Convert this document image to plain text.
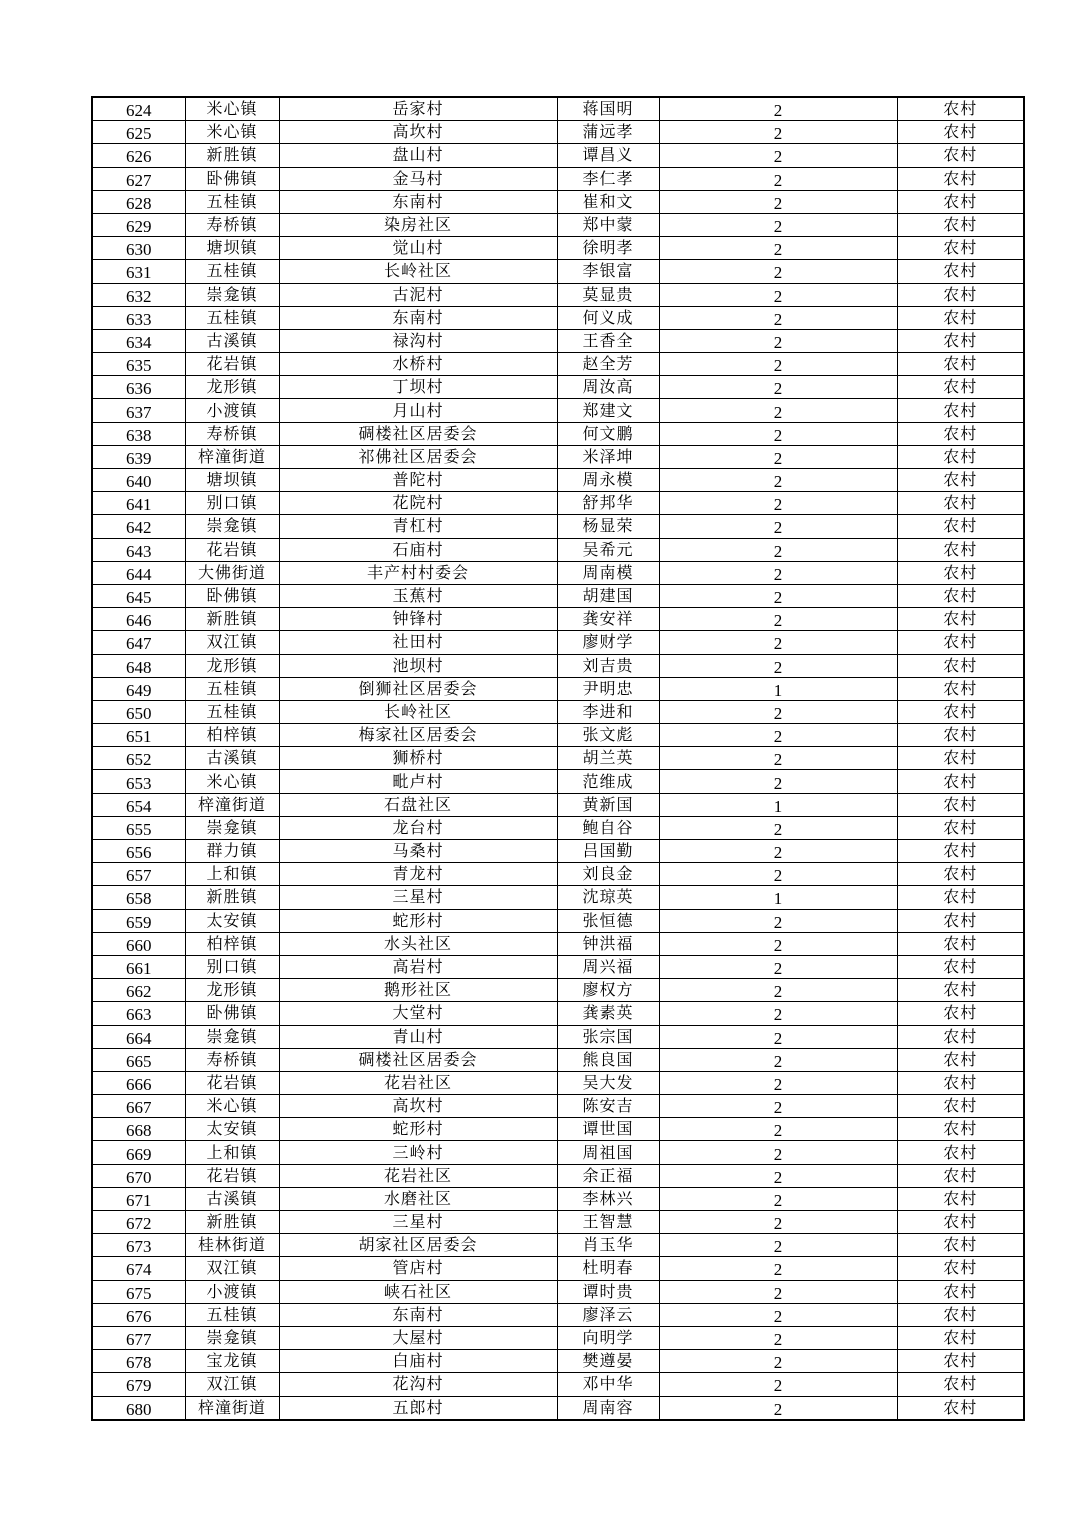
624	米心镇	岳家村	蒋国明	2	农村
625	米心镇	高坎村	蒲远孝	2	农村
626	新胜镇	盘山村	谭昌义	2	农村
627	卧佛镇	金马村	李仁孝	2	农村
628	五桂镇	东南村	崔和文	2	农村
629	寿桥镇	染房社区	郑中蒙	2	农村
630	塘坝镇	觉山村	徐明孝	2	农村
631	五桂镇	长岭社区	李银富	2	农村
632	崇龛镇	古泥村	莫显贵	2	农村
633	五桂镇	东南村	何义成	2	农村
634	古溪镇	禄沟村	王香全	2	农村
635	花岩镇	水桥村	赵全芳	2	农村
636	龙形镇	丁坝村	周汝高	2	农村
637	小渡镇	月山村	郑建文	2	农村
638	寿桥镇	碉楼社区居委会	何文鹏	2	农村
639	梓潼街道	祁佛社区居委会	米泽坤	2	农村
640	塘坝镇	普陀村	周永模	2	农村
641	别口镇	花院村	舒邦华	2	农村
642	崇龛镇	青杠村	杨显荣	2	农村
643	花岩镇	石庙村	吴希元	2	农村
644	大佛街道	丰产村村委会	周南模	2	农村
645	卧佛镇	玉蕉村	胡建国	2	农村
646	新胜镇	钟锋村	龚安祥	2	农村
647	双江镇	社田村	廖财学	2	农村
648	龙形镇	池坝村	刘吉贵	2	农村
649	五桂镇	倒狮社区居委会	尹明忠	1	农村
650	五桂镇	长岭社区	李进和	2	农村
651	柏梓镇	梅家社区居委会	张文彪	2	农村
652	古溪镇	狮桥村	胡兰英	2	农村
653	米心镇	毗卢村	范维成	2	农村
654	梓潼街道	石盘社区	黄新国	1	农村
655	崇龛镇	龙台村	鲍自谷	2	农村
656	群力镇	马桑村	吕国勤	2	农村
657	上和镇	青龙村	刘良金	2	农村
658	新胜镇	三星村	沈琼英	1	农村
659	太安镇	蛇形村	张恒德	2	农村
660	柏梓镇	水头社区	钟洪福	2	农村
661	别口镇	高岩村	周兴福	2	农村
662	龙形镇	鹅形社区	廖权方	2	农村
663	卧佛镇	大堂村	龚素英	2	农村
664	崇龛镇	青山村	张宗国	2	农村
665	寿桥镇	碉楼社区居委会	熊良国	2	农村
666	花岩镇	花岩社区	吴大发	2	农村
667	米心镇	高坎村	陈安吉	2	农村
668	太安镇	蛇形村	谭世国	2	农村
669	上和镇	三岭村	周祖国	2	农村
670	花岩镇	花岩社区	余正福	2	农村
671	古溪镇	水磨社区	李林兴	2	农村
672	新胜镇	三星村	王智慧	2	农村
673	桂林街道	胡家社区居委会	肖玉华	2	农村
674	双江镇	管店村	杜明春	2	农村
675	小渡镇	峡石社区	谭时贵	2	农村
676	五桂镇	东南村	廖泽云	2	农村
677	崇龛镇	大屋村	向明学	2	农村
678	宝龙镇	白庙村	樊遵晏	2	农村
679	双江镇	花沟村	邓中华	2	农村
680	梓潼街道	五郎村	周南容	2	农村
